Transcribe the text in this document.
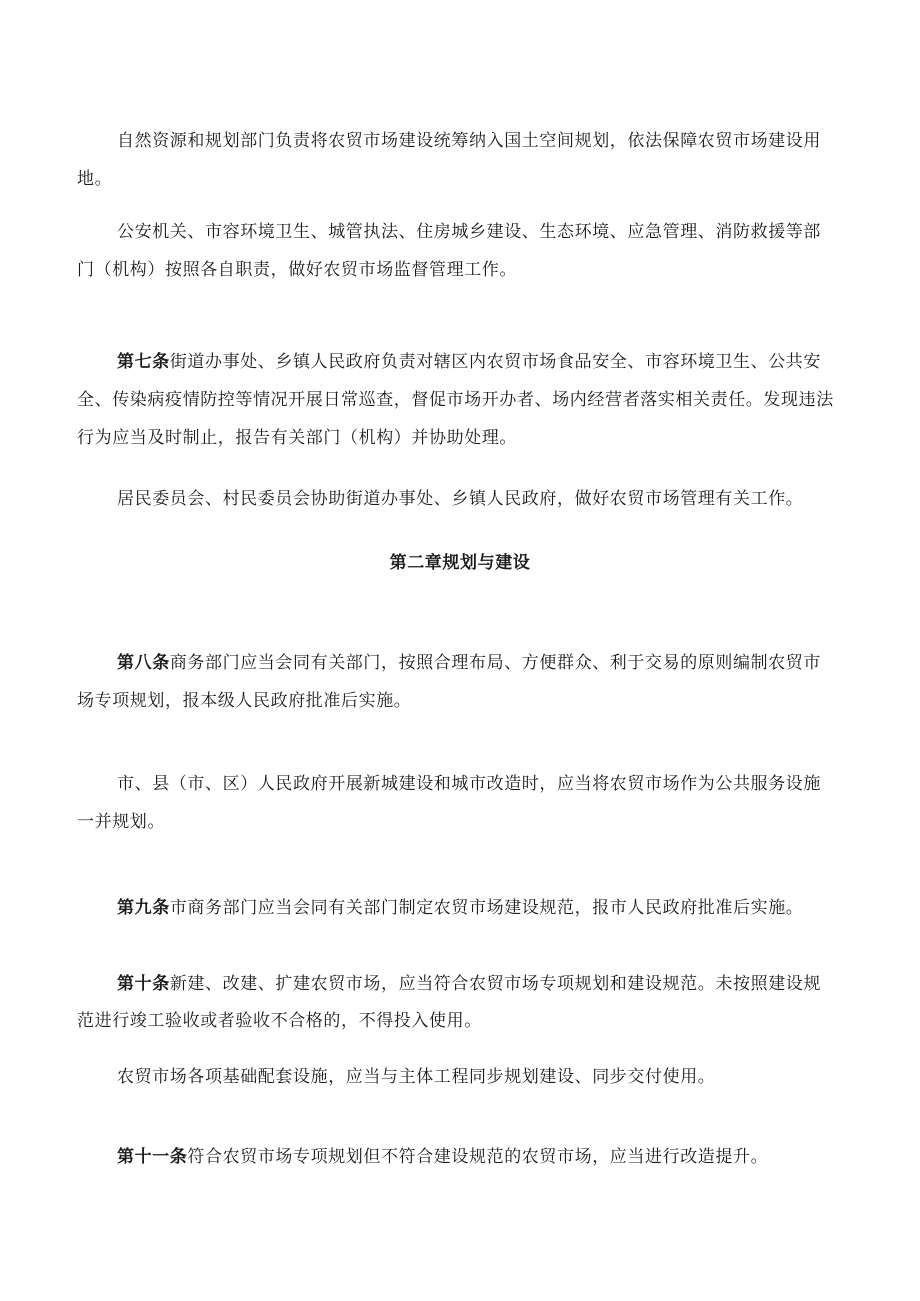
自然资源和规划部门负责将农贸市场建设统筹纳入国土空间规划，依法保障农贸市场建设用地。

公安机关、市容环境卫生、城管执法、住房城乡建设、生态环境、应急管理、消防救援等部门（机构）按照各自职责，做好农贸市场监督管理工作。

第七条街道办事处、乡镇人民政府负责对辖区内农贸市场食品安全、市容环境卫生、公共安全、传染病疫情防控等情况开展日常巡查，督促市场开办者、场内经营者落实相关责任。发现违法行为应当及时制止，报告有关部门（机构）并协助处理。

居民委员会、村民委员会协助街道办事处、乡镇人民政府，做好农贸市场管理有关工作。

第二章规划与建设

第八条商务部门应当会同有关部门，按照合理布局、方便群众、利于交易的原则编制农贸市场专项规划，报本级人民政府批准后实施。

市、县（市、区）人民政府开展新城建设和城市改造时，应当将农贸市场作为公共服务设施一并规划。

第九条市商务部门应当会同有关部门制定农贸市场建设规范，报市人民政府批准后实施。

第十条新建、改建、扩建农贸市场，应当符合农贸市场专项规划和建设规范。未按照建设规范进行竣工验收或者验收不合格的，不得投入使用。

农贸市场各项基础配套设施，应当与主体工程同步规划建设、同步交付使用。

第十一条符合农贸市场专项规划但不符合建设规范的农贸市场，应当进行改造提升。
